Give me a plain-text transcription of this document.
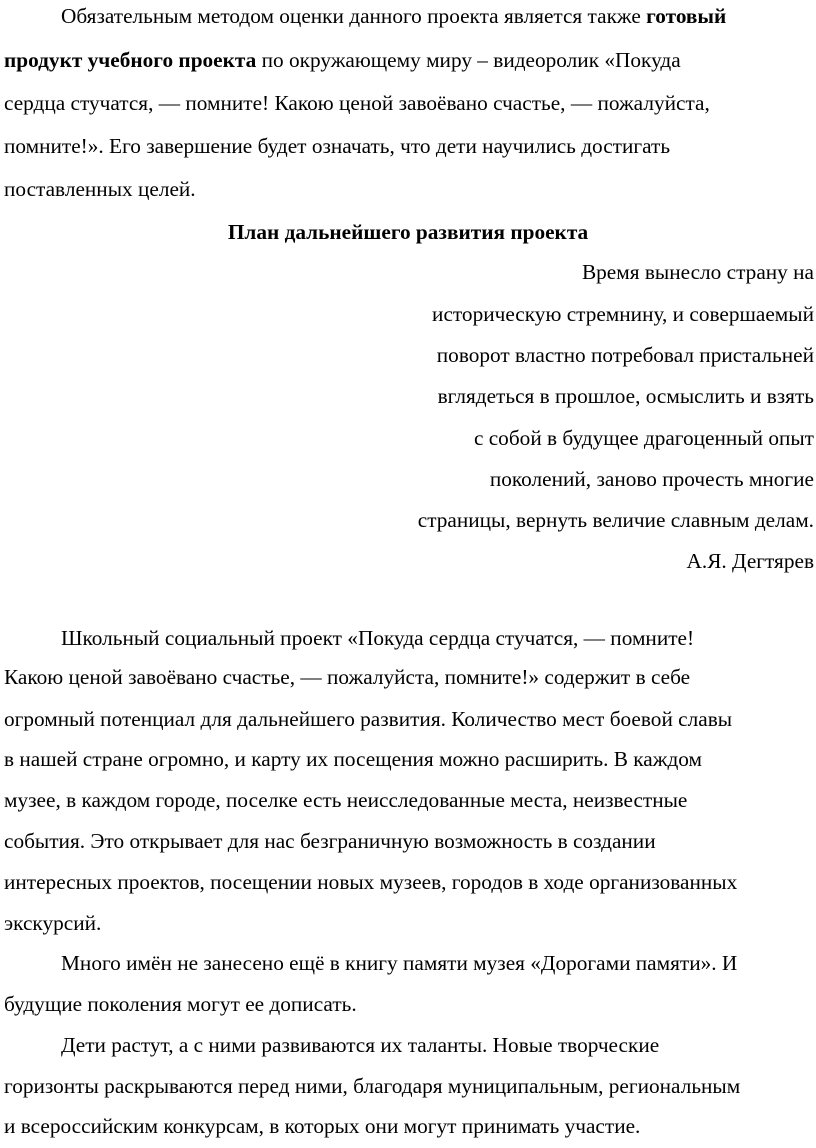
Обязательным методом оценки данного проекта является также готовый

продукт учебного проекта по окружающему миру – видеоролик «Покуда

сердца стучатся, — помните! Какою ценой завоёвано счастье, — пожалуйста,

помните!». Его завершение будет означать, что дети научились достигать

поставленных целей.

План дальнейшего развития проекта

Время вынесло страну на

историческую стремнину, и совершаемый

поворот властно потребовал пристальней

вглядеться в прошлое, осмыслить и взять

с собой в будущее драгоценный опыт

поколений, заново прочесть многие

страницы, вернуть величие славным делам.

А.Я. Дегтярев

Школьный социальный проект «Покуда сердца стучатся, — помните!

Какою ценой завоёвано счастье, — пожалуйста, помните!» содержит в себе

огромный потенциал для дальнейшего развития. Количество мест боевой славы

в нашей стране огромно, и карту их посещения можно расширить. В каждом

музее, в каждом городе, поселке есть неисследованные места, неизвестные

события. Это открывает для нас безграничную возможность в создании

интересных проектов, посещении новых музеев, городов в ходе организованных

экскурсий.

Много имён не занесено ещё в книгу памяти музея «Дорогами памяти». И

будущие поколения могут ее дописать.

Дети растут, а с ними развиваются их таланты. Новые творческие

горизонты раскрываются перед ними, благодаря муниципальным, региональным

и всероссийским конкурсам, в которых они могут принимать участие.
